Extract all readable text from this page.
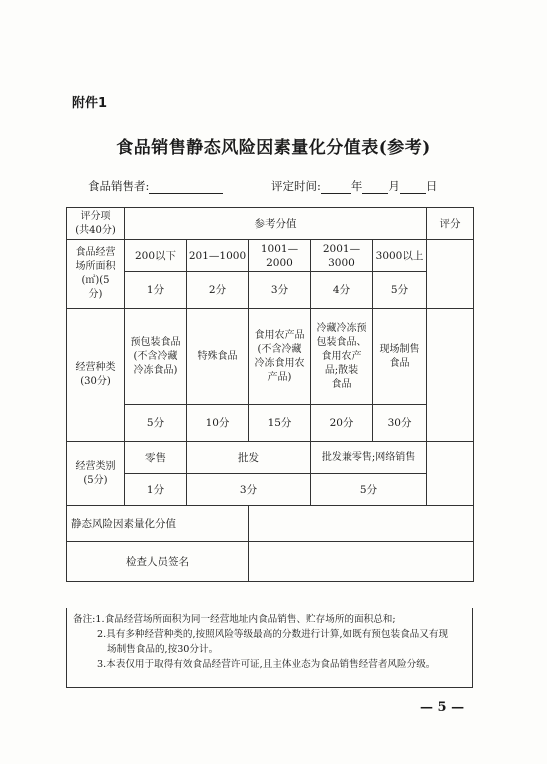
附件1
食品销售静态风险因素量化分值表(参考)
食品销售者:	评定时间:	年 月 日
评分项
(共40分)	参考分值					评分
食品经营
场所面积
(㎡)(5
分)	200以下	201—1000	1001—2000	2001—3000	3000以上	
	1分	2分	3分	4分	5分	
经营种类
(30分)	预包装食品
(不含冷藏
冷冻食品)	特殊食品	食用农产品
(不含冷藏
冷冻食用农
产品)	冷藏冷冻预
包装食品、
食用农产
品;散装
食品	现场制售
食品	
	5分	10分	15分	20分	30分	
经营类别
(5分)	零售	批发		批发兼零售;网络销售		
	1分	3分		5分		
静态风险因素量化分值						
检查人员签名						
备注:1.食品经营场所面积为同一经营地址内食品销售、贮存场所的面积总和;
2.具有多种经营种类的,按照风险等级最高的分数进行计算,如既有预包装食品又有现
场制售食品的,按30分计。
3.本表仅用于取得有效食品经营许可证,且主体业态为食品销售经营者风险分级。
— 5 —
